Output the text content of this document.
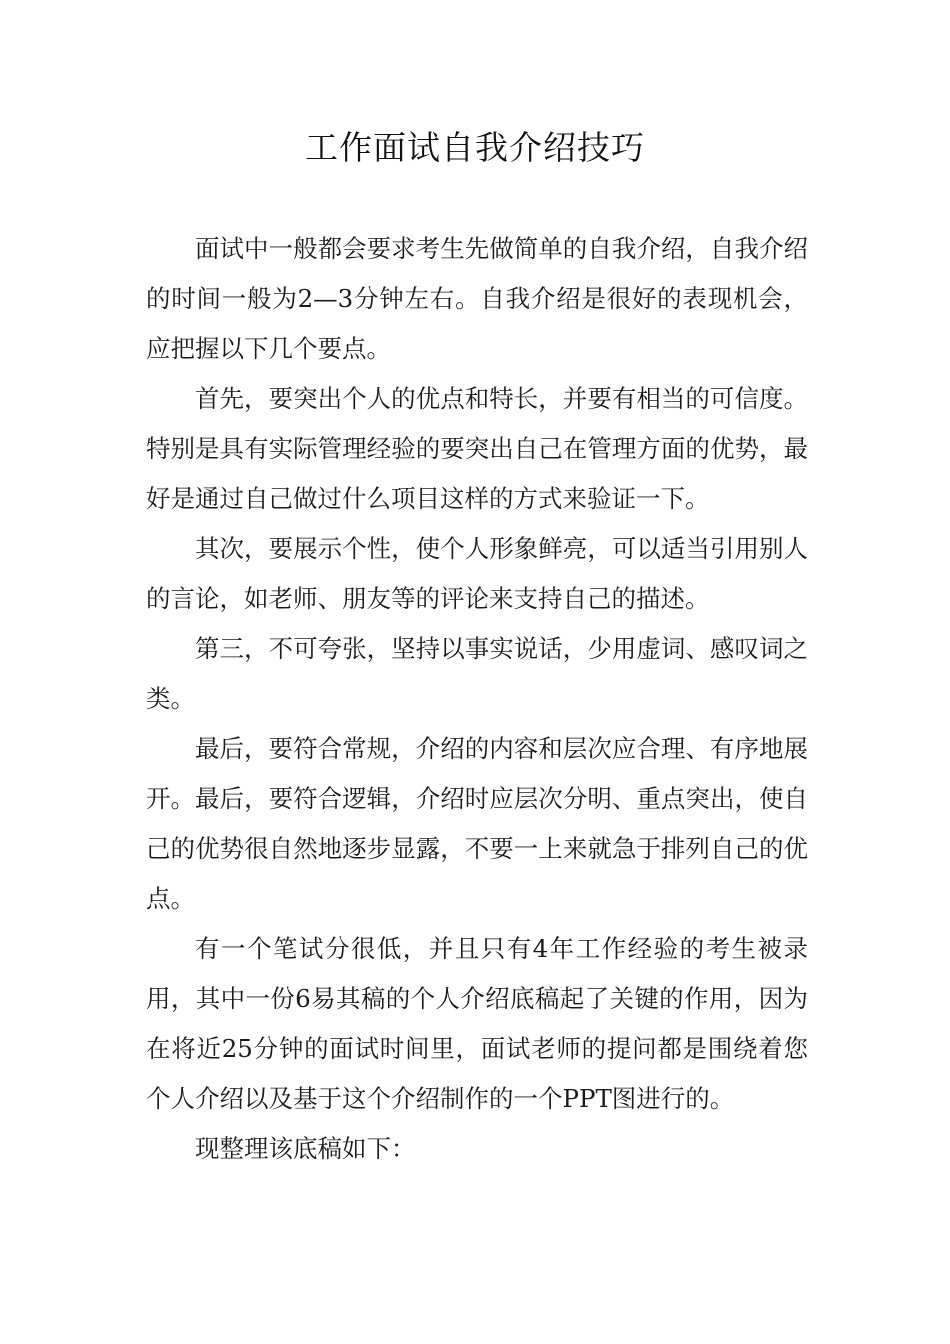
工作面试自我介绍技巧

面试中一般都会要求考生先做简单的自我介绍，自我介绍的时间一般为2—3分钟左右。自我介绍是很好的表现机会，应把握以下几个要点。

首先，要突出个人的优点和特长，并要有相当的可信度。特别是具有实际管理经验的要突出自己在管理方面的优势，最好是通过自己做过什么项目这样的方式来验证一下。

其次，要展示个性，使个人形象鲜亮，可以适当引用别人的言论，如老师、朋友等的评论来支持自己的描述。

第三，不可夸张，坚持以事实说话，少用虚词、感叹词之类。

最后，要符合常规，介绍的内容和层次应合理、有序地展开。最后，要符合逻辑，介绍时应层次分明、重点突出，使自己的优势很自然地逐步显露，不要一上来就急于排列自己的优点。

有一个笔试分很低，并且只有4年工作经验的考生被录用，其中一份6易其稿的个人介绍底稿起了关键的作用，因为在将近25分钟的面试时间里，面试老师的提问都是围绕着您个人介绍以及基于这个介绍制作的一个PPT图进行的。

现整理该底稿如下：
